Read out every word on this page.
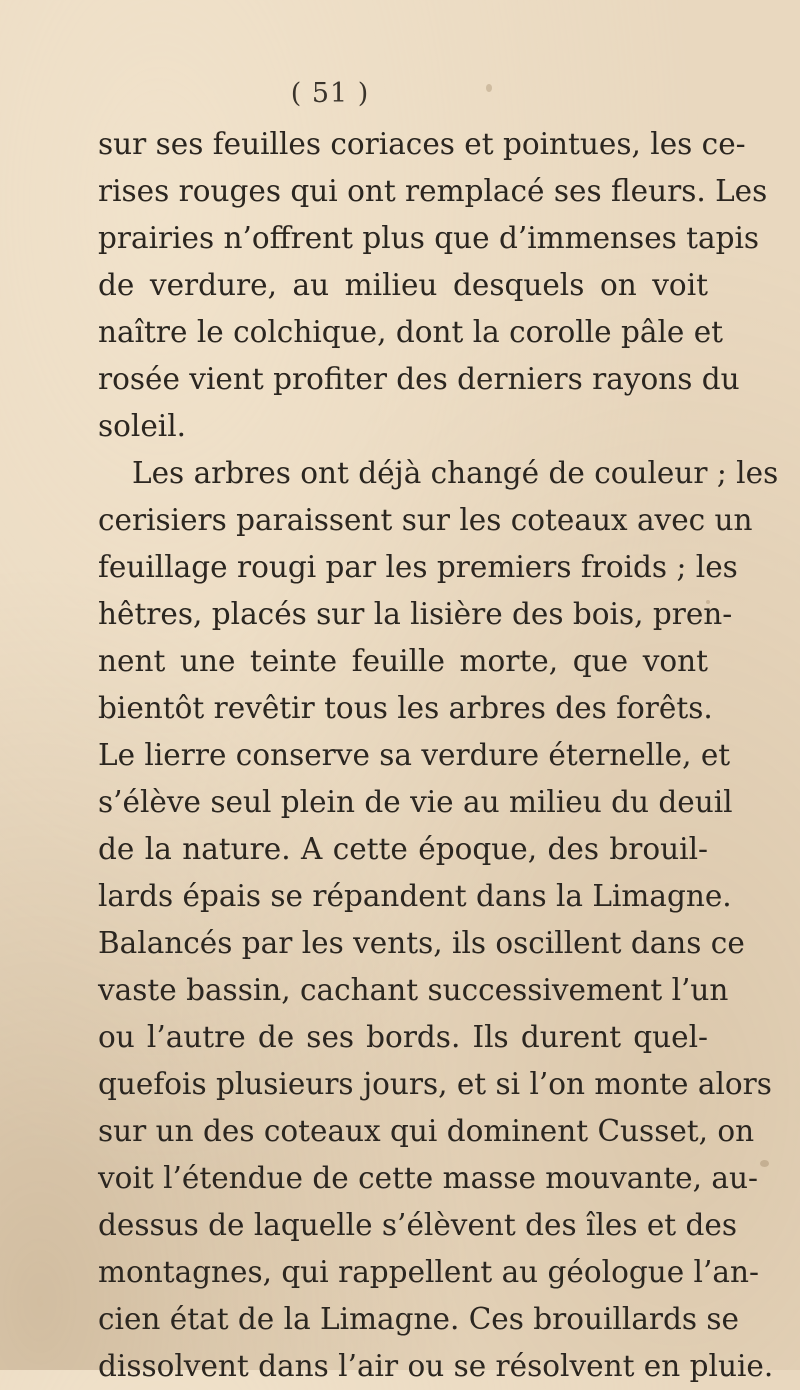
( 51 )
sur ses feuilles coriaces et pointues, les ce-
rises rouges qui ont remplacé ses fleurs. Les
prairies n’offrent plus que d’immenses tapis
de verdure, au milieu desquels on voit
naître le colchique, dont la corolle pâle et
rosée vient profiter des derniers rayons du
soleil.
Les arbres ont déjà changé de couleur ; les
cerisiers paraissent sur les coteaux avec un
feuillage rougi par les premiers froids ; les
hêtres, placés sur la lisière des bois, pren-
nent une teinte feuille morte, que vont
bientôt revêtir tous les arbres des forêts.
Le lierre conserve sa verdure éternelle, et
s’élève seul plein de vie au milieu du deuil
de la nature. A cette époque, des brouil-
lards épais se répandent dans la Limagne.
Balancés par les vents, ils oscillent dans ce
vaste bassin, cachant successivement l’un
ou l’autre de ses bords. Ils durent quel-
quefois plusieurs jours, et si l’on monte alors
sur un des coteaux qui dominent Cusset, on
voit l’étendue de cette masse mouvante, au-
dessus de laquelle s’élèvent des îles et des
montagnes, qui rappellent au géologue l’an-
cien état de la Limagne. Ces brouillards se
dissolvent dans l’air ou se résolvent en pluie.
